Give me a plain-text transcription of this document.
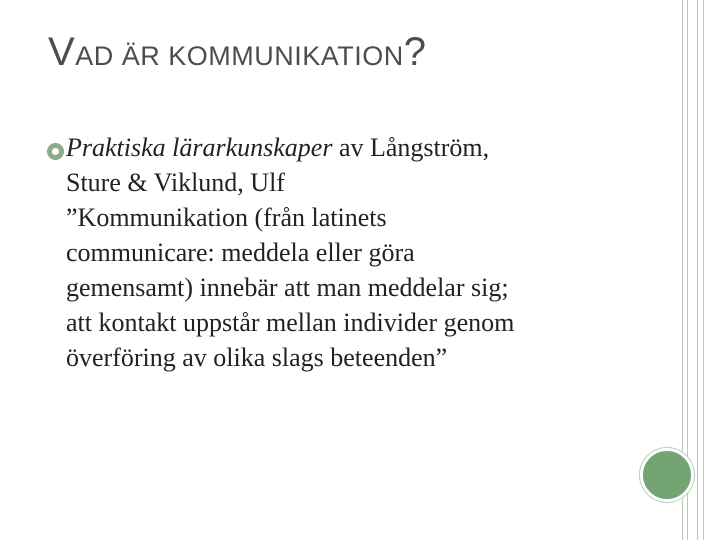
VAD ÄR KOMMUNIKATION?
Praktiska lärarkunskaper av Långström,
Sture & Viklund, Ulf
”Kommunikation (från latinets
communicare: meddela eller göra
gemensamt) innebär att man meddelar sig;
att kontakt uppstår mellan individer genom
överföring av olika slags beteenden”
